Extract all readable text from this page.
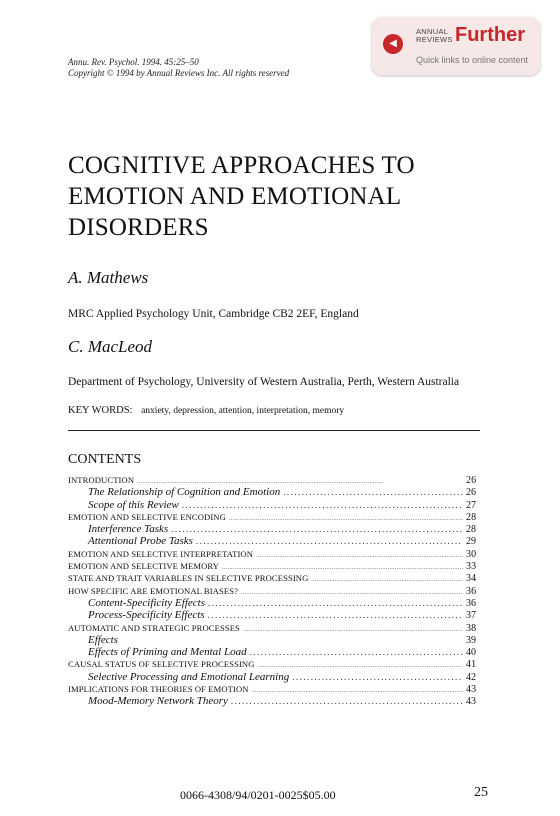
◀
ANNUAL
REVIEWS Further
Quick links to online content
Annu. Rev. Psychol. 1994. 45:25–50
Copyright © 1994 by Annual Reviews Inc. All rights reserved
COGNITIVE APPROACHES TO
EMOTION AND EMOTIONAL
DISORDERS
A. Mathews
MRC Applied Psychology Unit, Cambridge CB2 2EF, England
C. MacLeod
Department of Psychology, University of Western Australia, Perth, Western Australia
KEY WORDS: anxiety, depression, attention, interpretation, memory
CONTENTS
INTRODUCTION . . .	26
The Relationship of Cognition and Emotion . . .	26
Scope of this Review . . .	27
EMOTION AND SELECTIVE ENCODING . . .	28
Interference Tasks . . .	28
Attentional Probe Tasks . . .	29
EMOTION AND SELECTIVE INTERPRETATION . . .	30
EMOTION AND SELECTIVE MEMORY . . .	33
STATE AND TRAIT VARIABLES IN SELECTIVE PROCESSING . . .	34
HOW SPECIFIC ARE EMOTIONAL BIASES? . . .	36
Content-Specificity Effects . . .	36
Process-Specificity Effects . . .	37
AUTOMATIC AND STRATEGIC PROCESSES . . .	38
Effects	39
Effects of Priming and Mental Load . . .	40
CAUSAL STATUS OF SELECTIVE PROCESSING . . .	41
Selective Processing and Emotional Learning . . .	42
IMPLICATIONS FOR THEORIES OF EMOTION . . .	43
Mood-Memory Network Theory . . .	43
0066-4308/94/0201-0025$05.00	25
